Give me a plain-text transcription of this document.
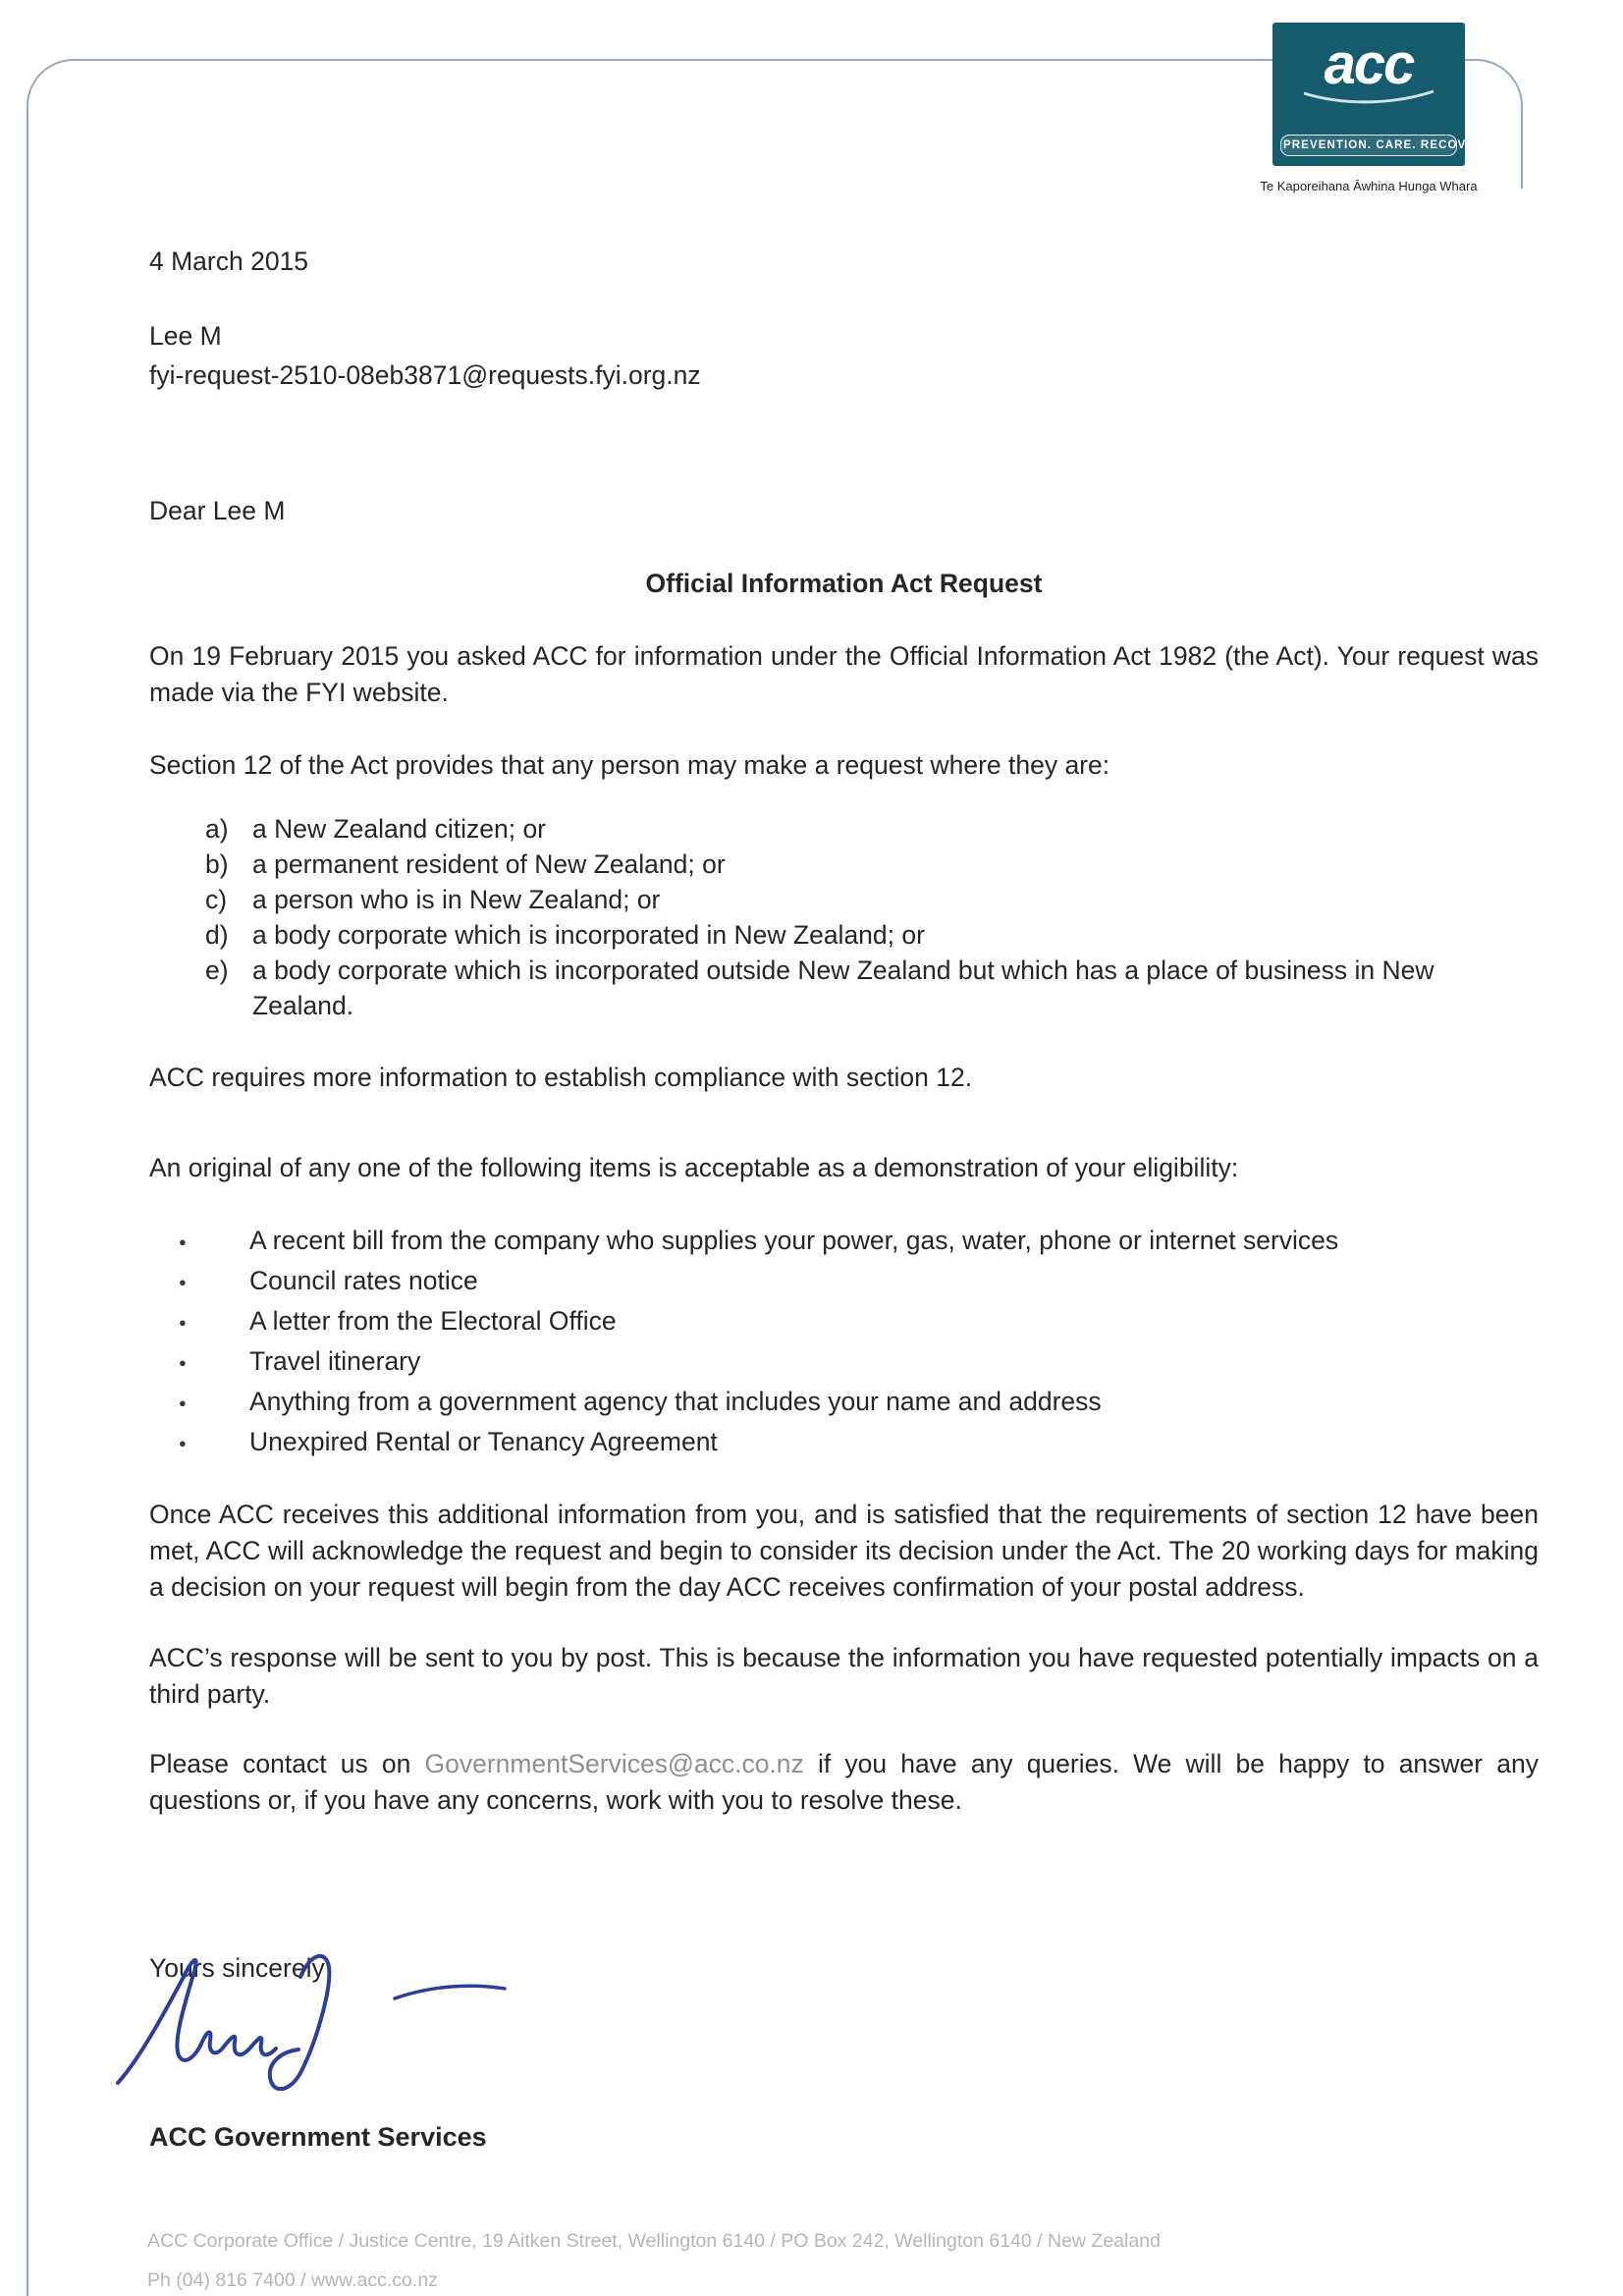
acc
PREVENTION. CARE. RECOVERY.
Te Kaporeihana Āwhina Hunga Whara

4 March 2015

Lee M
fyi-request-2510-08eb3871@requests.fyi.org.nz

Dear Lee M

Official Information Act Request

On 19 February 2015 you asked ACC for information under the Official Information Act 1982 (the Act). Your request was made via the FYI website.

Section 12 of the Act provides that any person may make a request where they are:

a) a New Zealand citizen; or
b) a permanent resident of New Zealand; or
c) a person who is in New Zealand; or
d) a body corporate which is incorporated in New Zealand; or
e) a body corporate which is incorporated outside New Zealand but which has a place of business in New Zealand.

ACC requires more information to establish compliance with section 12.

An original of any one of the following items is acceptable as a demonstration of your eligibility:

●
A recent bill from the company who supplies your power, gas, water, phone or internet services
●
Council rates notice
●
A letter from the Electoral Office
●
Travel itinerary
●
Anything from a government agency that includes your name and address
●
Unexpired Rental or Tenancy Agreement

Once ACC receives this additional information from you, and is satisfied that the requirements of section 12 have been met, ACC will acknowledge the request and begin to consider its decision under the Act. The 20 working days for making a decision on your request will begin from the day ACC receives confirmation of your postal address.

ACC’s response will be sent to you by post. This is because the information you have requested potentially impacts on a third party.

Please contact us on GovernmentServices@acc.co.nz if you have any queries. We will be happy to answer any questions or, if you have any concerns, work with you to resolve these.

Yours sincerely

ACC Government Services

ACC Corporate Office / Justice Centre, 19 Aitken Street, Wellington 6140 / PO Box 242, Wellington 6140 / New Zealand
Ph (04) 816 7400 / www.acc.co.nz
